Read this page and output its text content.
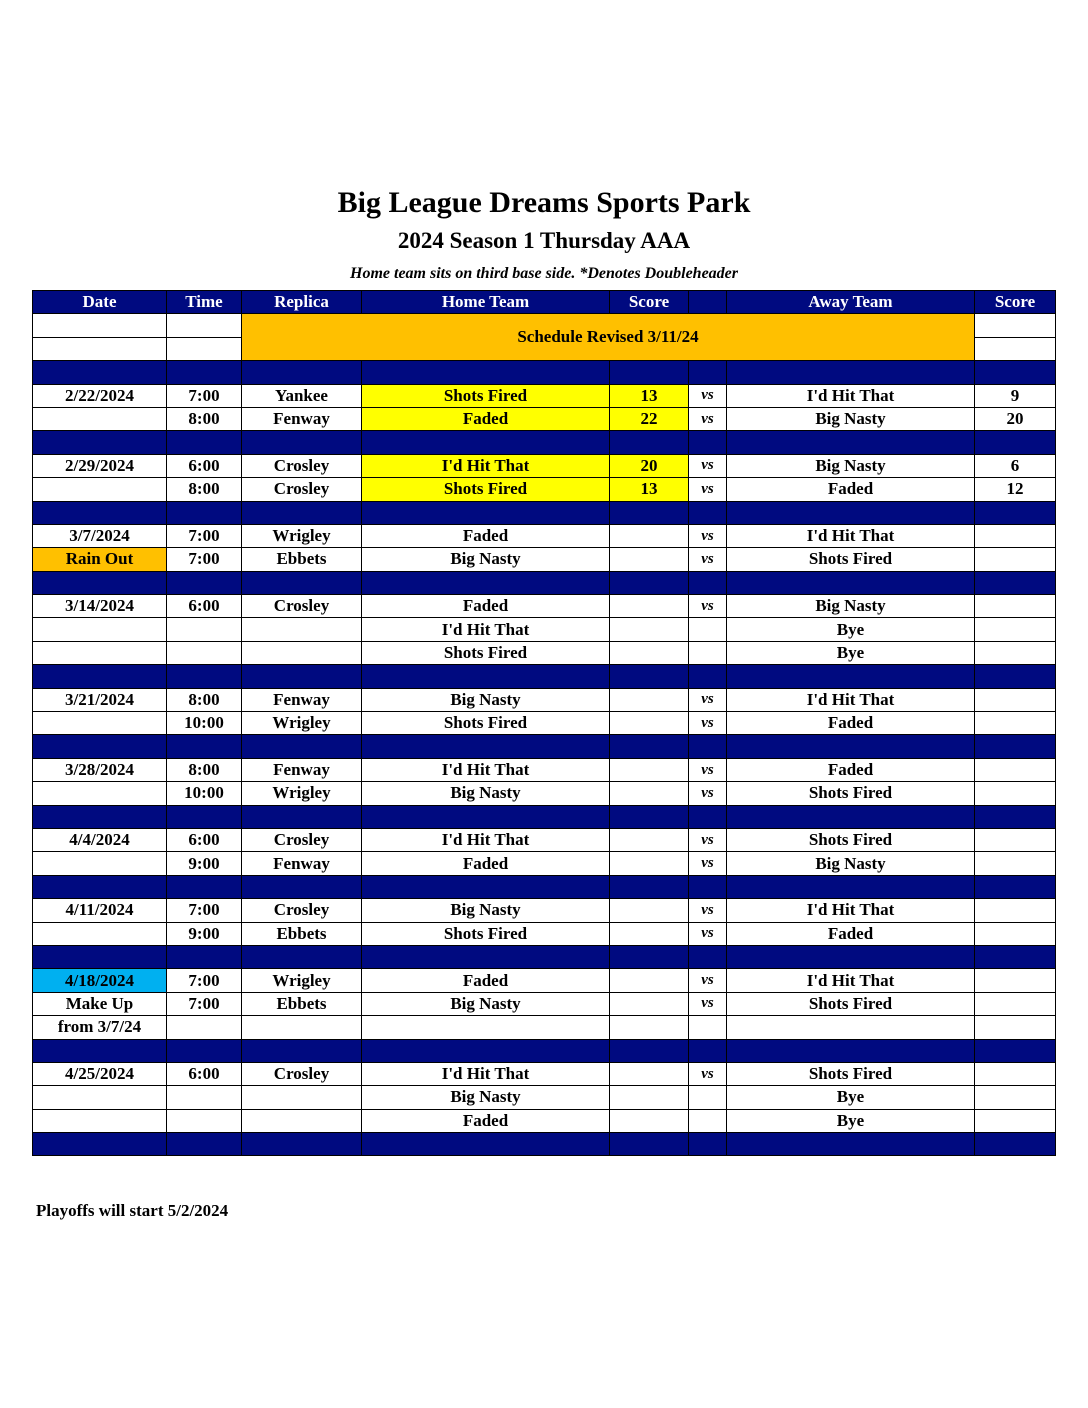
Big League Dreams Sports Park
2024 Season 1 Thursday AAA
Home team sits on third base side. *Denotes Doubleheader
Date	Time	Replica	Home Team	Score		Away Team	Score
		Schedule Revised 3/11/24					

2/22/2024	7:00	Yankee	Shots Fired	13	vs	I'd Hit That	9
	8:00	Fenway	Faded	22	vs	Big Nasty	20

2/29/2024	6:00	Crosley	I'd Hit That	20	vs	Big Nasty	6
	8:00	Crosley	Shots Fired	13	vs	Faded	12

3/7/2024	7:00	Wrigley	Faded		vs	I'd Hit That	
Rain Out	7:00	Ebbets	Big Nasty		vs	Shots Fired	

3/14/2024	6:00	Crosley	Faded		vs	Big Nasty	
			I'd Hit That			Bye	
			Shots Fired			Bye	

3/21/2024	8:00	Fenway	Big Nasty		vs	I'd Hit That	
	10:00	Wrigley	Shots Fired		vs	Faded	

3/28/2024	8:00	Fenway	I'd Hit That		vs	Faded	
	10:00	Wrigley	Big Nasty		vs	Shots Fired	

4/4/2024	6:00	Crosley	I'd Hit That		vs	Shots Fired	
	9:00	Fenway	Faded		vs	Big Nasty	

4/11/2024	7:00	Crosley	Big Nasty		vs	I'd Hit That	
	9:00	Ebbets	Shots Fired		vs	Faded	

4/18/2024	7:00	Wrigley	Faded		vs	I'd Hit That	
Make Up	7:00	Ebbets	Big Nasty		vs	Shots Fired	
from 3/7/24							

4/25/2024	6:00	Crosley	I'd Hit That		vs	Shots Fired	
			Big Nasty			Bye	
			Faded			Bye	

Playoffs will start 5/2/2024
